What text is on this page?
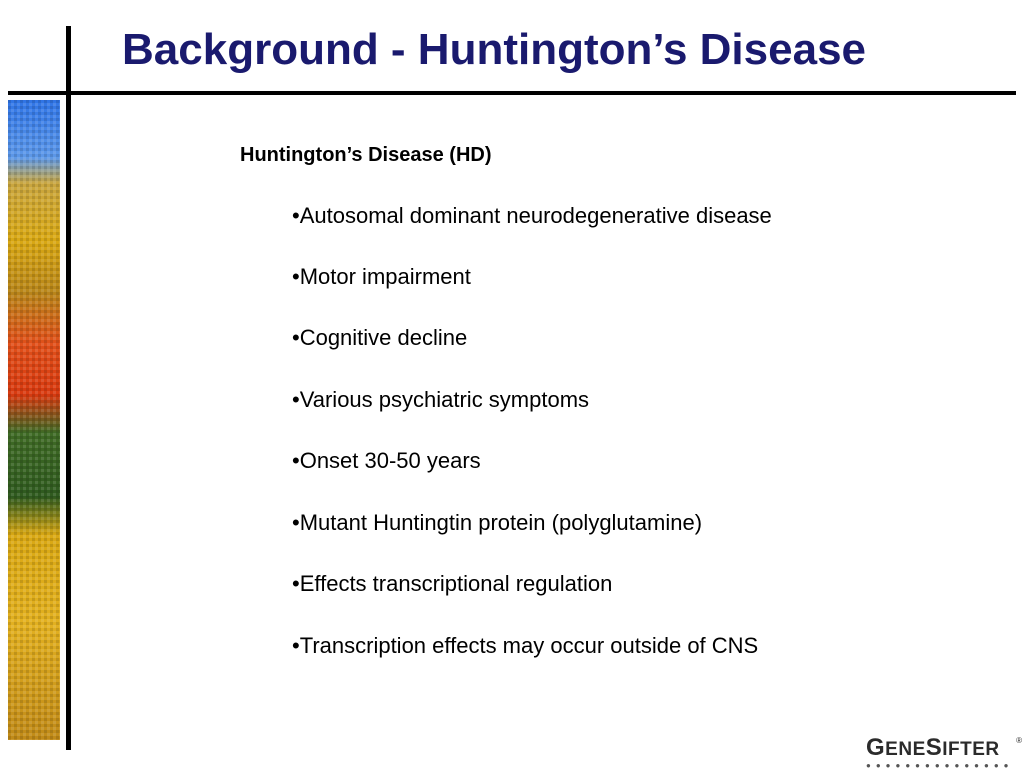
Background - Huntington’s Disease
Huntington’s Disease (HD)
•Autosomal dominant neurodegenerative disease
•Motor impairment
•Cognitive decline
•Various psychiatric symptoms
•Onset 30-50 years
•Mutant Huntingtin protein (polyglutamine)
•Effects transcriptional regulation
•Transcription effects may occur outside of CNS
GENESIFTER ®
●●●●●●●●●●●●●●●
